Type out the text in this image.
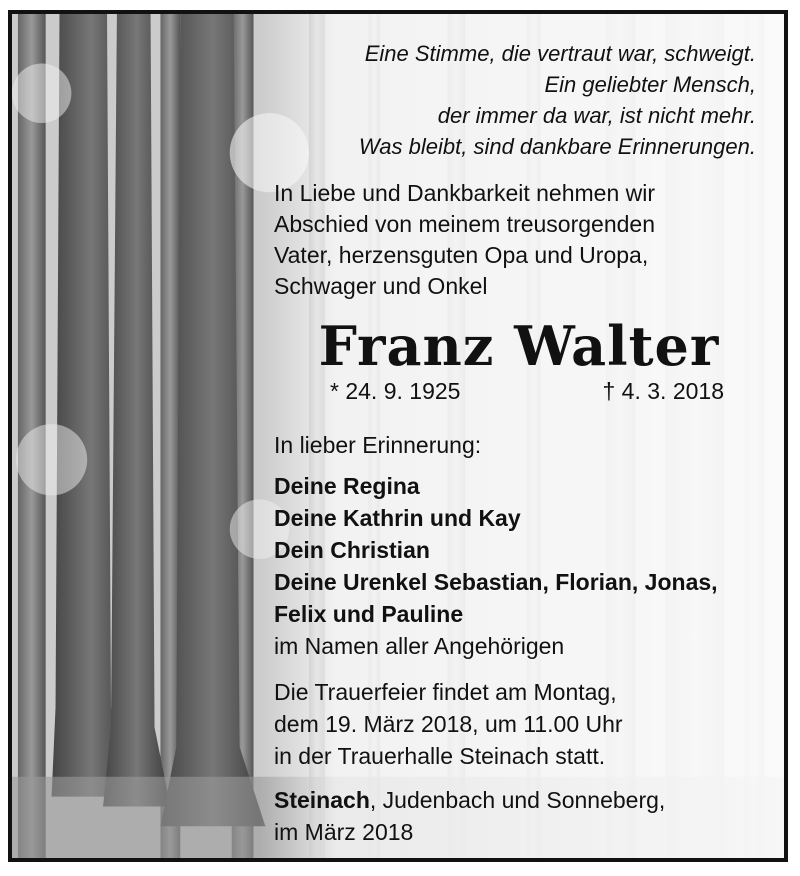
Eine Stimme, die vertraut war, schweigt.
Ein geliebter Mensch,
der immer da war, ist nicht mehr.
Was bleibt, sind dankbare Erinnerungen.
In Liebe und Dankbarkeit nehmen wir
Abschied von meinem treusorgenden
Vater, herzensguten Opa und Uropa,
Schwager und Onkel
Franz Walter
* 24. 9. 1925	† 4. 3. 2018
In lieber Erinnerung:
Deine Regina
Deine Kathrin und Kay
Dein Christian
Deine Urenkel Sebastian, Florian, Jonas,
Felix und Pauline
im Namen aller Angehörigen
Die Trauerfeier findet am Montag,
dem 19. März 2018, um 11.00 Uhr
in der Trauerhalle Steinach statt.
Steinach, Judenbach und Sonneberg,
im März 2018
